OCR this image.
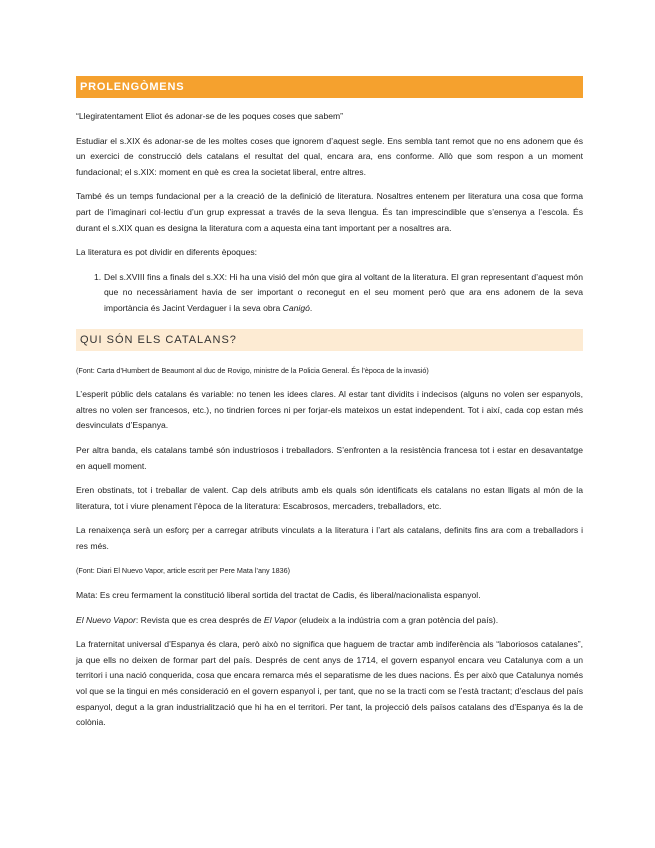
PROLENGÒMENS

“Llegiratentament Eliot és adonar-se de les poques coses que sabem”

Estudiar el s.XIX és adonar-se de les moltes coses que ignorem d’aquest segle. Ens sembla tant remot que no ens adonem que és un exercici de construcció dels catalans el resultat del qual, encara ara, ens conforme. Allò que som respon a un moment fundacional; el s.XIX: moment en què es crea la societat liberal, entre altres.

També és un temps fundacional per a la creació de la definició de literatura. Nosaltres entenem per literatura una cosa que forma part de l’imaginari col·lectiu d’un grup expressat a través de la seva llengua. És tan imprescindible que s’ensenya a l’escola. És durant el s.XIX quan es designa la literatura com a aquesta eina tant important per a nosaltres ara.

La literatura es pot dividir en diferents èpoques:

1. Del s.XVIII fins a finals del s.XX: Hi ha una visió del món que gira al voltant de la literatura. El gran representant d’aquest món que no necessàriament havia de ser important o reconegut en el seu moment però que ara ens adonem de la seva importància és Jacint Verdaguer i la seva obra Canigó.
QUI SÓN ELS CATALANS?

(Font: Carta d’Humbert de Beaumont al duc de Rovigo, ministre de la Policia General. És l’època de la invasió)

L’esperit públic dels catalans és variable: no tenen les idees clares. Al estar tant dividits i indecisos (alguns no volen ser espanyols, altres no volen ser francesos, etc.), no tindrien forces ni per forjar-els mateixos un estat independent. Tot i així, cada cop estan més desvinculats d’Espanya.

Per altra banda, els catalans també són industriosos i treballadors. S’enfronten a la resistència francesa tot i estar en desavantatge en aquell moment.

Eren obstinats, tot i treballar de valent. Cap dels atributs amb els quals són identificats els catalans no estan lligats al món de la literatura, tot i viure plenament l’època de la literatura: Escabrosos, mercaders, treballadors, etc.

La renaixença serà un esforç per a carregar atributs vinculats a la literatura i l’art als catalans, definits fins ara com a treballadors i res més.

(Font: Diari El Nuevo Vapor, article escrit per Pere Mata l’any 1836)

Mata: Es creu fermament la constitució liberal sortida del tractat de Cadis, és liberal/nacionalista espanyol.

El Nuevo Vapor: Revista que es crea després de El Vapor (eludeix a la indústria com a gran potència del país).

La fraternitat universal d’Espanya és clara, però això no significa que haguem de tractar amb indiferència als “laboriosos catalanes”, ja que ells no deixen de formar part del país. Després de cent anys de 1714, el govern espanyol encara veu Catalunya com a un territori i una nació conquerida, cosa que encara remarca més el separatisme de les dues nacions. És per això que Catalunya només vol que se la tingui en més consideració en el govern espanyol i, per tant, que no se la tracti com se l’està tractant; d’esclaus del país espanyol, degut a la gran industrialització que hi ha en el territori. Per tant, la projecció dels països catalans des d’Espanya és la de colònia.
